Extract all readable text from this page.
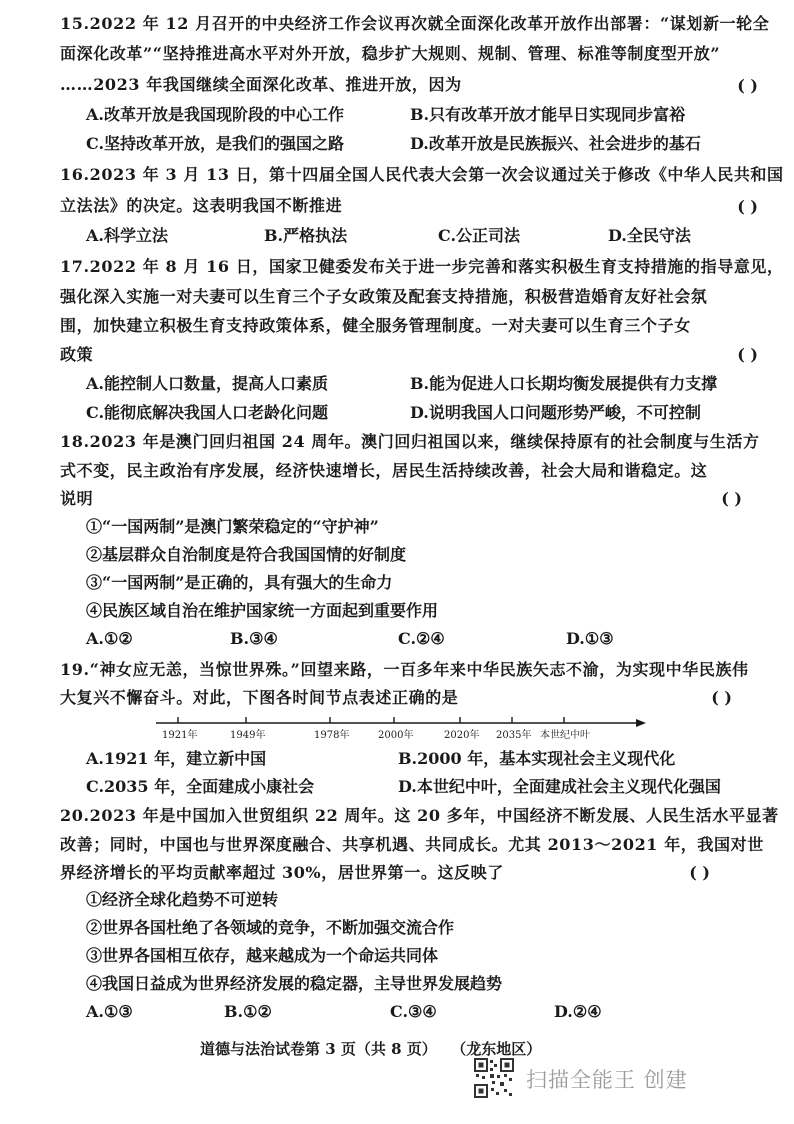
15.2022 年 12 月召开的中央经济工作会议再次就全面深化改革开放作出部署：“谋划新一轮全
面深化改革”“坚持推进高水平对外开放，稳步扩大规则、规制、管理、标准等制度型开放”
……2023 年我国继续全面深化改革、推进开放，因为	( )
A.改革开放是我国现阶段的中心工作	B.只有改革开放才能早日实现同步富裕
C.坚持改革开放，是我们的强国之路	D.改革开放是民族振兴、社会进步的基石
16.2023 年 3 月 13 日，第十四届全国人民代表大会第一次会议通过关于修改《中华人民共和国
立法法》的决定。这表明我国不断推进	( )
A.科学立法	B.严格执法	C.公正司法	D.全民守法
17.2022 年 8 月 16 日，国家卫健委发布关于进一步完善和落实积极生育支持措施的指导意见，
强化深入实施一对夫妻可以生育三个子女政策及配套支持措施，积极营造婚育友好社会氛
围，加快建立积极生育支持政策体系，健全服务管理制度。一对夫妻可以生育三个子女
政策	( )
A.能控制人口数量，提高人口素质	B.能为促进人口长期均衡发展提供有力支撑
C.能彻底解决我国人口老龄化问题	D.说明我国人口问题形势严峻，不可控制
18.2023 年是澳门回归祖国 24 周年。澳门回归祖国以来，继续保持原有的社会制度与生活方
式不变，民主政治有序发展，经济快速增长，居民生活持续改善，社会大局和谐稳定。这
说明	( )
①“一国两制”是澳门繁荣稳定的“守护神”
②基层群众自治制度是符合我国国情的好制度
③“一国两制”是正确的，具有强大的生命力
④民族区域自治在维护国家统一方面起到重要作用
A.①②	B.③④	C.②④	D.①③
19.“神女应无恙，当惊世界殊。”回望来路，一百多年来中华民族矢志不渝，为实现中华民族伟
大复兴不懈奋斗。对此，下图各时间节点表述正确的是	( )
1921年	1949年	1978年	2000年	2020年 2035年 本世纪中叶
A.1921 年，建立新中国	B.2000 年，基本实现社会主义现代化
C.2035 年，全面建成小康社会	D.本世纪中叶，全面建成社会主义现代化强国
20.2023 年是中国加入世贸组织 22 周年。这 20 多年，中国经济不断发展、人民生活水平显著
改善；同时，中国也与世界深度融合、共享机遇、共同成长。尤其 2013～2021 年，我国对世
界经济增长的平均贡献率超过 30%，居世界第一。这反映了	( )
①经济全球化趋势不可逆转
②世界各国杜绝了各领域的竞争，不断加强交流合作
③世界各国相互依存，越来越成为一个命运共同体
④我国日益成为世界经济发展的稳定器，主导世界发展趋势
A.①③	B.①②	C.③④	D.②④
道德与法治试卷第 3 页（共 8 页） （龙东地区）
扫描全能王 创建
